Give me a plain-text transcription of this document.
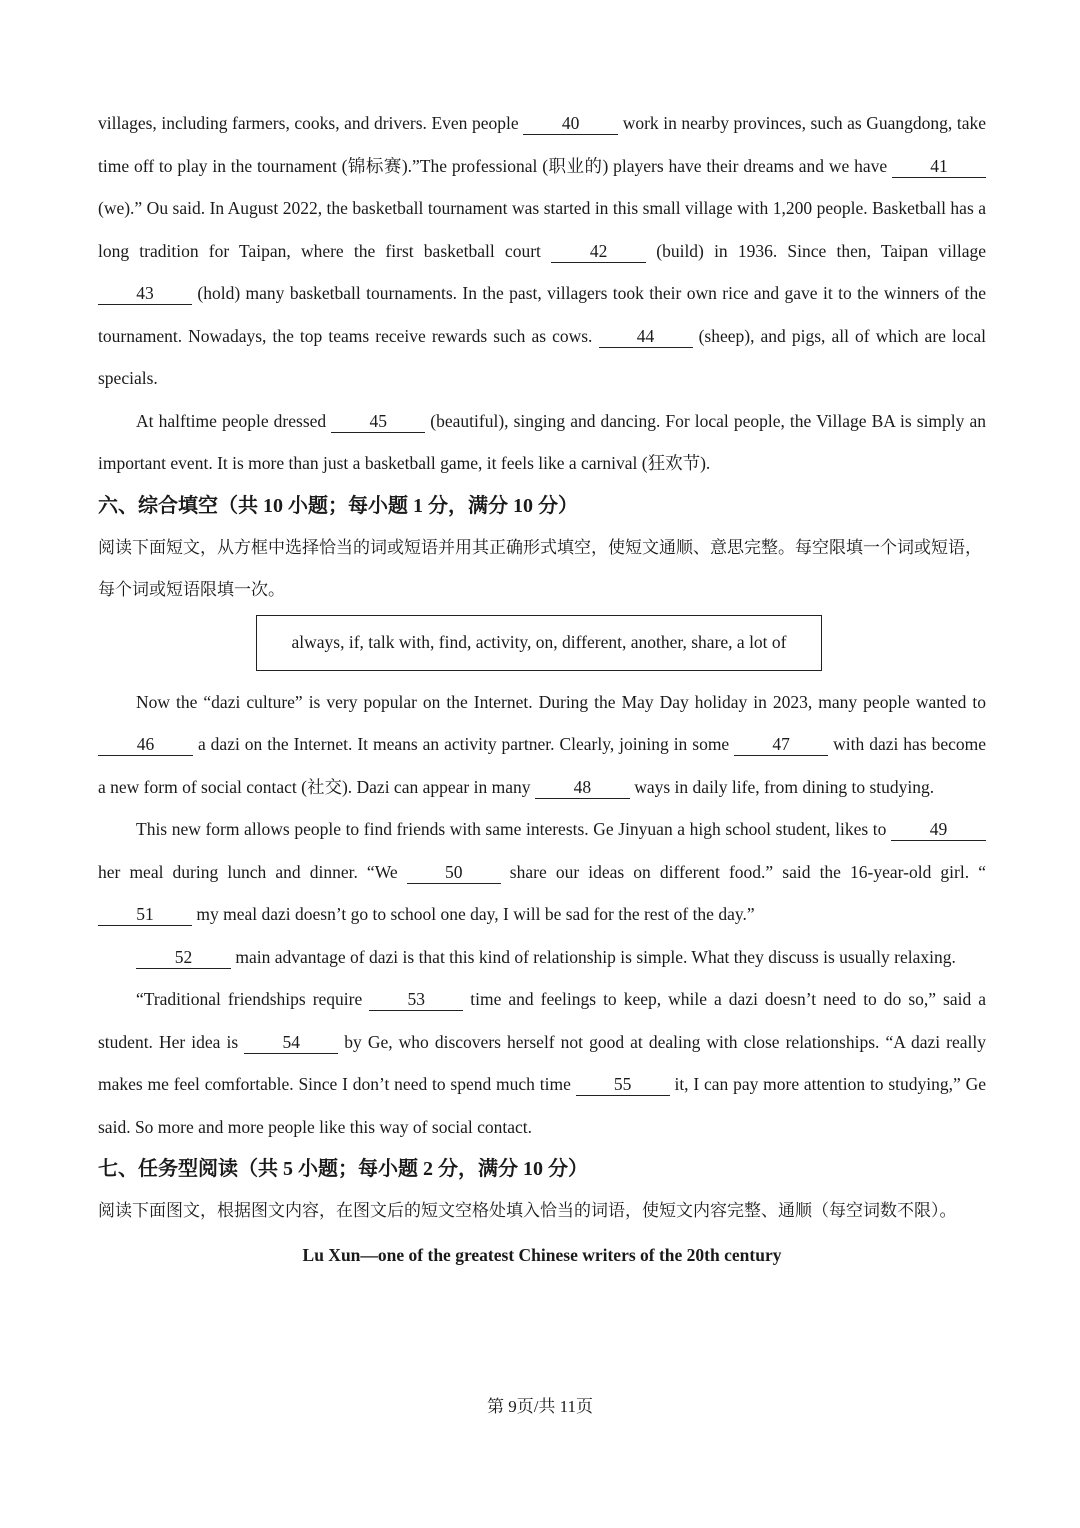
villages, including farmers, cooks, and drivers. Even people 40 work in nearby provinces, such as Guangdong, take time off to play in the tournament (锦标赛).”The professional (职业的) players have their dreams and we have 41 (we).” Ou said. In August 2022, the basketball tournament was started in this small village with 1,200 people. Basketball has a long tradition for Taipan, where the first basketball court 42 (build) in 1936. Since then, Taipan village 43 (hold) many basketball tournaments. In the past, villagers took their own rice and gave it to the winners of the tournament. Nowadays, the top teams receive rewards such as cows. 44 (sheep), and pigs, all of which are local specials.

At halftime people dressed 45 (beautiful), singing and dancing. For local people, the Village BA is simply an important event. It is more than just a basketball game, it feels like a carnival (狂欢节).

六、综合填空（共 10 小题；每小题 1 分，满分 10 分）

阅读下面短文，从方框中选择恰当的词或短语并用其正确形式填空，使短文通顺、意思完整。每空限填一个词或短语，每个词或短语限填一次。

always, if, talk with, find, activity, on, different, another, share, a lot of

Now the “dazi culture” is very popular on the Internet. During the May Day holiday in 2023, many people wanted to 46 a dazi on the Internet. It means an activity partner. Clearly, joining in some 47 with dazi has become a new form of social contact (社交). Dazi can appear in many 48 ways in daily life, from dining to studying.

This new form allows people to find friends with same interests. Ge Jinyuan a high school student, likes to 49 her meal during lunch and dinner. “We 50 share our ideas on different food.” said the 16-year-old girl. “51 my meal dazi doesn’t go to school one day, I will be sad for the rest of the day.”

52 main advantage of dazi is that this kind of relationship is simple. What they discuss is usually relaxing.

“Traditional friendships require 53 time and feelings to keep, while a dazi doesn’t need to do so,” said a student. Her idea is 54 by Ge, who discovers herself not good at dealing with close relationships. “A dazi really makes me feel comfortable. Since I don’t need to spend much time 55 it, I can pay more attention to studying,” Ge said. So more and more people like this way of social contact.

七、任务型阅读（共 5 小题；每小题 2 分，满分 10 分）

阅读下面图文，根据图文内容，在图文后的短文空格处填入恰当的词语，使短文内容完整、通顺（每空词数不限）。

Lu Xun—one of the greatest Chinese writers of the 20th century

第 9页/共 11页
